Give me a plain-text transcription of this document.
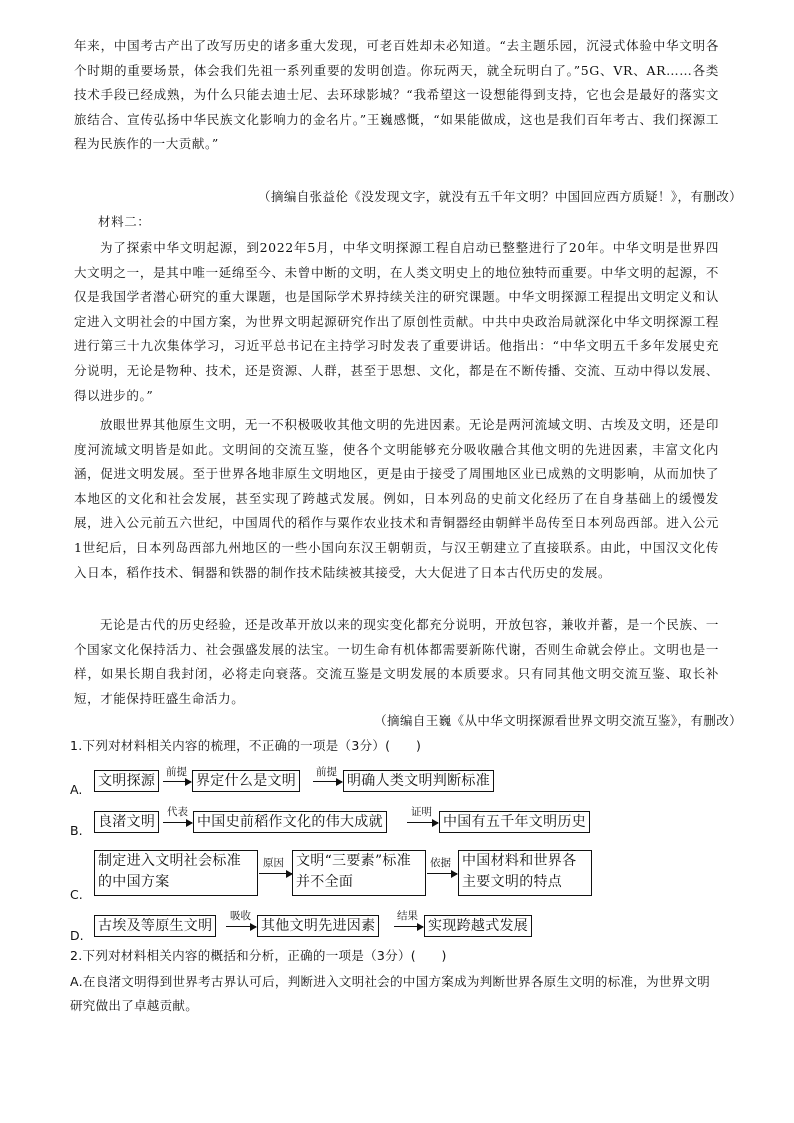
年来，中国考古产出了改写历史的诸多重大发现，可老百姓却未必知道。“去主题乐园，沉浸式体验中华文明各个时期的重要场景，体会我们先祖一系列重要的发明创造。你玩两天，就全玩明白了。”5G、VR、AR……各类技术手段已经成熟，为什么只能去迪士尼、去环球影城？“我希望这一设想能得到支持，它也会是最好的落实文旅结合、宣传弘扬中华民族文化影响力的金名片。”王巍感慨，“如果能做成，这也是我们百年考古、我们探源工程为民族作的一大贡献。”

（摘编自张益伦《没发现文字，就没有五千年文明？中国回应西方质疑！》，有删改）

材料二：

为了探索中华文明起源，到2022年5月，中华文明探源工程自启动已整整进行了20年。中华文明是世界四大文明之一，是其中唯一延绵至今、未曾中断的文明，在人类文明史上的地位独特而重要。中华文明的起源，不仅是我国学者潜心研究的重大课题，也是国际学术界持续关注的研究课题。中华文明探源工程提出文明定义和认定进入文明社会的中国方案，为世界文明起源研究作出了原创性贡献。中共中央政治局就深化中华文明探源工程进行第三十九次集体学习，习近平总书记在主持学习时发表了重要讲话。他指出：“中华文明五千多年发展史充分说明，无论是物种、技术，还是资源、人群，甚至于思想、文化，都是在不断传播、交流、互动中得以发展、得以进步的。”

放眼世界其他原生文明，无一不积极吸收其他文明的先进因素。无论是两河流域文明、古埃及文明，还是印度河流域文明皆是如此。文明间的交流互鉴，使各个文明能够充分吸收融合其他文明的先进因素，丰富文化内涵，促进文明发展。至于世界各地非原生文明地区，更是由于接受了周围地区业已成熟的文明影响，从而加快了本地区的文化和社会发展，甚至实现了跨越式发展。例如，日本列岛的史前文化经历了在自身基础上的缓慢发展，进入公元前五六世纪，中国周代的稻作与粟作农业技术和青铜器经由朝鲜半岛传至日本列岛西部。进入公元1世纪后，日本列岛西部九州地区的一些小国向东汉王朝朝贡，与汉王朝建立了直接联系。由此，中国汉文化传入日本，稻作技术、铜器和铁器的制作技术陆续被其接受，大大促进了日本古代历史的发展。

无论是古代的历史经验，还是改革开放以来的现实变化都充分说明，开放包容，兼收并蓄，是一个民族、一个国家文化保持活力、社会强盛发展的法宝。一切生命有机体都需要新陈代谢，否则生命就会停止。文明也是一样，如果长期自我封闭，必将走向衰落。交流互鉴是文明发展的本质要求。只有同其他文明交流互鉴、取长补短，才能保持旺盛生命活力。

（摘编自王巍《从中华文明探源看世界文明交流互鉴》，有删改）

1.下列对材料相关内容的梳理，不正确的一项是（3分）(　　)

A.
文明探源
前提
界定什么是文明
前提
明确人类文明判断标准
B.
良渚文明
代表
中国史前稻作文化的伟大成就
证明
中国有五千年文明历史
C.
制定进入文明社会标准的中国方案
原因 文明“三要素”标准并不全面
依据 中国材料和世界各主要文明的特点
D.
古埃及等原生文明
吸收
其他文明先进因素
结果
实现跨越式发展

2.下列对材料相关内容的概括和分析，正确的一项是（3分）(　　)

A.在良渚文明得到世界考古界认可后，判断进入文明社会的中国方案成为判断世界各原生文明的标准，为世界文明研究做出了卓越贡献。
